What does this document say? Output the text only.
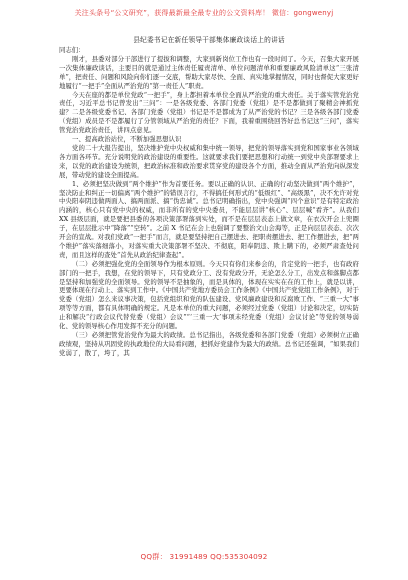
关注头条号“公文研究”，获得最新最全最专业的公文资料库！ 微信：gongwenyj
县纪委书记在新任领导干部集体廉政谈话上的讲话
同志们：

刚才，县委对部分干部进行了提拔和调整，大家到新岗位工作也有一段时间了。今天，召集大家开展一次集体廉政谈话，主要目的就是通过主体责任履责清单、单位问题清单和重要廉政风险清单这“三张清单”，把责任、问题和风险向你们逐一交底，帮助大家尽快、全面、真实地掌握情况，同时也督促大家更好地履行“一把手”全面从严治党的“第一责任人”职责。

今天在座的都是单位党政“一把手”，身上都担着本单位全面从严治党的重大责任。关于落实管党治党责任，习近平总书记曾发出“三问”：一是各级党委、各部门党委（党组）是不是都做到了聚精会神抓党建？二是各级党委书记、各部门党委（党组）书记是不是都成为了从严治党的书记？三是各级各部门党委（党组）成员是不是都履行了分管领域从严治党的责任？下面，我着重围绕回答好总书记这“三问”，落实管党治党政治责任，讲四点意见。

一、提高政治站位，不断加强思想认识

党的二十大报告提出，坚决维护党中央权威和集中统一领导，把党的领导落实到党和国家事业各领域各方面各环节。充分说明党的政治建设的重要性。这就要求我们要把思想和行动统一到党中央部署要求上来，以党的政治建设为统领，把政治标准和政治要求贯穿党的建设各个方面，推动全面从严治党向纵深发展，带动党的建设全面提高。

1、必须把坚决做到“两个维护”作为首要任务。要以正确的认识、正确的行动坚决做到“两个维护”，坚决防止和纠正一切偏离“两个维护”的错误言行，不得搞任何形式的“低级红”、“高级黑”，决不允许对党中央阳奉阴违做两面人、搞两面派、搞“伪忠诚”。总书记明确指出，党中央强调“四个意识”是有特定政治内涵的，核心只有党中央的权威，而非所有的党中央委员，不能层层讲“核心”、层层喊“看齐”。从我们 XX 县级层面，就是要把县委的各项决策部署落到实处，而不是在层层表态上做文章，在衣次开会上兜圈子，在层层批示中“降落”“空转”。之前 X 书记在会上也强调了要整治文山会海等，正是向层层表态、次次开会的宣战。对我们党政“一把手”而言，就是要坚持把自己摆进去、把职责摆进去、把工作摆进去，把“两个维护”落实落细落小，对落实重大决策部署不坚决、不彻底，阳奉阴违、欺上瞒下的，必须严肃查处问责，而且这样的查处“首先从政治纪律查起”。

（二）必须把强化党的全面领导作为根本原则。今天只有你们来参会的，肯定党的一把手，也有政府部门的一把手，我想，在党的领导下，只有党政分工、没有党政分开，无论怎么分工，出发点和落脚点都是坚持和加强党的全面领导。党的领导不是抽象的，而是具体的，体现在实实在在的工作上，就是以讲，更要体现在行动上、落实到工作中。《中国共产党地方委员会工作条例》《中国共产党党组工作条例》，对于党委（党组）怎么来议事决策，包括党组织和党的队伍建设、党风廉政建设和反腐败工作、“三重一大”事项等等方面，都有具体明确的规定。凡是本单位的重大问题，必须经过党委（党组）讨论和决定，切实防止和解决“行政会议代替党委（党组）会议”“‘三重一大’事项未经党委（党组）会议讨论”等党的领导弱化、党的领导核心作用发挥不充分的问题。

（三）必须把管党治党作为最大的政绩。总书记指出，各级党委和各部门党委（党组）必须树立正确政绩观，坚持从巩固党的执政地位的大局看问题，把抓好党建作为最大的政绩。总书记还强调，“如果我们党弱了，散了，垮了，其

QQ群： 31991489 QQ:535304092
